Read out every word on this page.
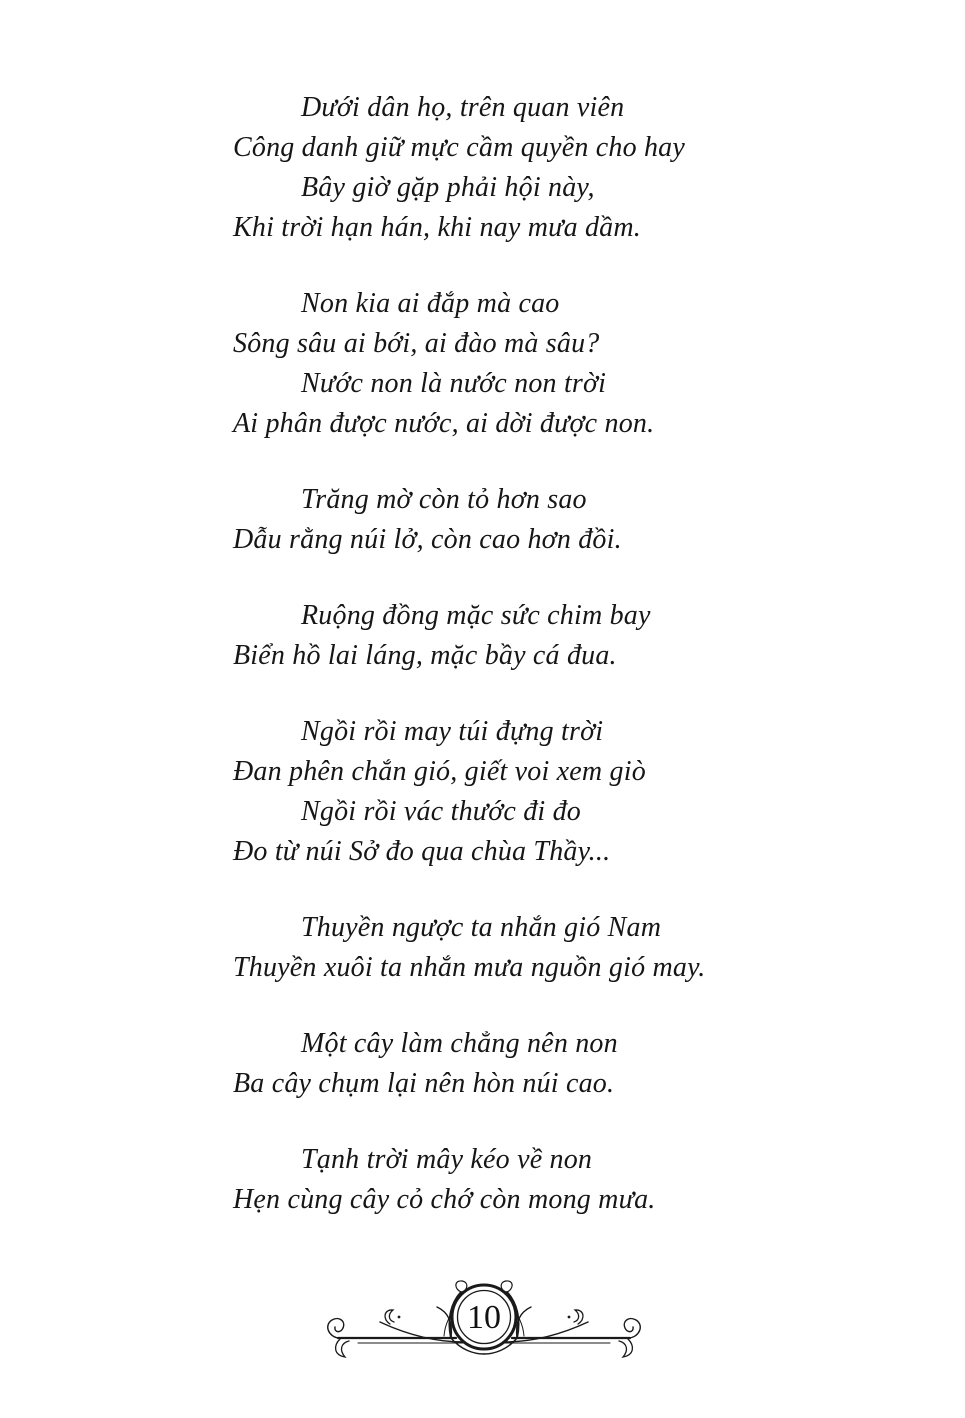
Dưới dân họ, trên quan viên
Công danh giữ mực cầm quyền cho hay
Bây giờ gặp phải hội này,
Khi trời hạn hán, khi nay mưa dầm.
Non kia ai đắp mà cao
Sông sâu ai bới, ai đào mà sâu?
Nước non là nước non trời
Ai phân được nước, ai dời được non.
Trăng mờ còn tỏ hơn sao
Dẫu rằng núi lở, còn cao hơn đồi.
Ruộng đồng mặc sức chim bay
Biển hồ lai láng, mặc bầy cá đua.
Ngồi rồi may túi đựng trời
Đan phên chắn gió, giết voi xem giò
Ngồi rồi vác thước đi đo
Đo từ núi Sở đo qua chùa Thầy...
Thuyền ngược ta nhắn gió Nam
Thuyền xuôi ta nhắn mưa nguồn gió may.
Một cây làm chẳng nên non
Ba cây chụm lại nên hòn núi cao.
Tạnh trời mây kéo về non
Hẹn cùng cây cỏ chớ còn mong mưa.
10
